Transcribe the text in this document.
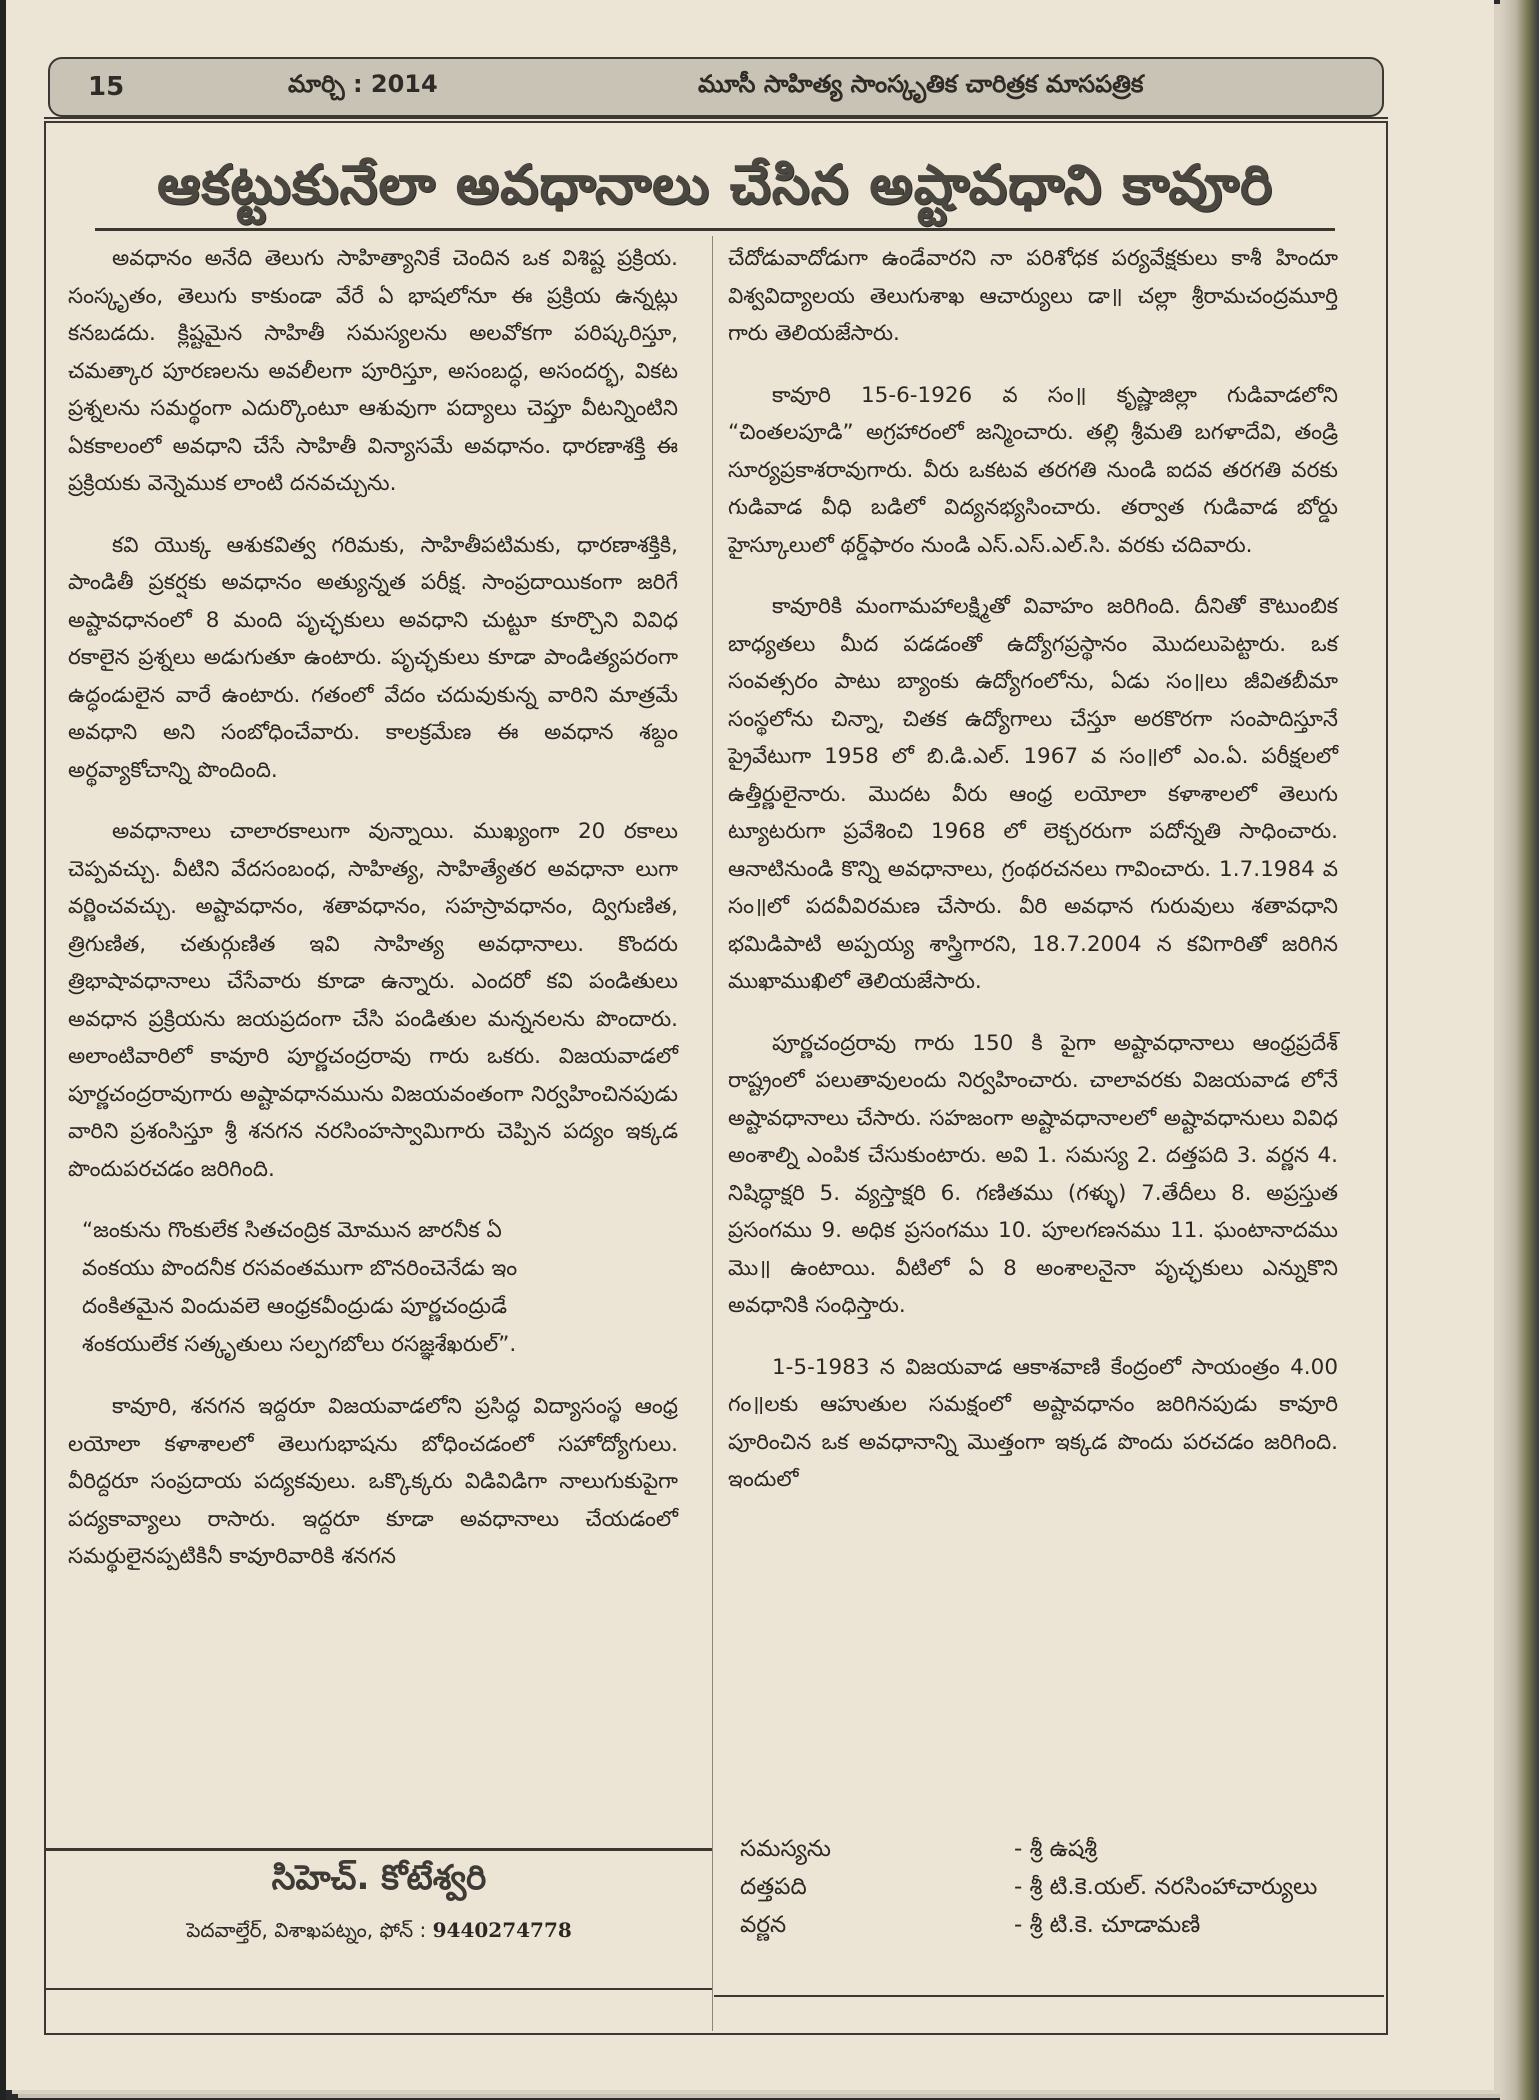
15	మార్చి : 2014	మూసీ సాహిత్య సాంస్కృతిక చారిత్రక మాసపత్రిక
ఆకట్టుకునేలా అవధానాలు చేసిన అష్టావధాని కావూరి

అవధానం అనేది తెలుగు సాహిత్యానికే చెందిన ఒక విశిష్ట ప్రక్రియ. సంస్కృతం, తెలుగు కాకుండా వేరే ఏ భాషలోనూ ఈ ప్రక్రియ ఉన్నట్లు కనబడదు. క్లిష్టమైన సాహితీ సమస్యలను అలవోకగా పరిష్కరిస్తూ, చమత్కార పూరణలను అవలీలగా పూరిస్తూ, అసంబద్ధ, అసందర్భ, వికట ప్రశ్నలను సమర్థంగా ఎదుర్కొంటూ ఆశువుగా పద్యాలు చెప్తూ వీటన్నింటిని ఏకకాలంలో అవధాని చేసే సాహితీ విన్యాసమే అవధానం. ధారణాశక్తి ఈ ప్రక్రియకు వెన్నెముక లాంటి దనవచ్చును.

కవి యొక్క ఆశుకవిత్వ గరిమకు, సాహితీపటిమకు, ధారణాశక్తికి, పాండితీ ప్రకర్షకు అవధానం అత్యున్నత పరీక్ష. సాంప్రదాయికంగా జరిగే అష్టావధానంలో 8 మంది పృచ్ఛకులు అవధాని చుట్టూ కూర్చొని వివిధ రకాలైన ప్రశ్నలు అడుగుతూ ఉంటారు. పృచ్ఛకులు కూడా పాండిత్యపరంగా ఉద్ధండులైన వారే ఉంటారు. గతంలో వేదం చదువుకున్న వారిని మాత్రమే అవధాని అని సంబోధించేవారు. కాలక్రమేణ ఈ అవధాన శబ్దం అర్థవ్యాకోచాన్ని పొందింది.

అవధానాలు చాలారకాలుగా వున్నాయి. ముఖ్యంగా 20 రకాలు చెప్పవచ్చు. వీటిని వేదసంబంధ, సాహిత్య, సాహిత్యేతర అవధానా లుగా వర్ణించవచ్చు. అష్టావధానం, శతావధానం, సహస్రావధానం, ద్విగుణిత, త్రిగుణిత, చతుర్గుణిత ఇవి సాహిత్య అవధానాలు. కొందరు త్రిభాషావధానాలు చేసేవారు కూడా ఉన్నారు. ఎందరో కవి పండితులు అవధాన ప్రక్రియను జయప్రదంగా చేసి పండితుల మన్ననలను పొందారు. అలాంటివారిలో కావూరి పూర్ణచంద్రరావు గారు ఒకరు. విజయవాడలో పూర్ణచంద్రరావుగారు అష్టావధానమును విజయవంతంగా నిర్వహించినపుడు వారిని ప్రశంసిస్తూ శ్రీ శనగన నరసింహస్వామిగారు చెప్పిన పద్యం ఇక్కడ పొందుపరచడం జరిగింది.

“జంకును గొంకులేక సితచంద్రిక మోమున జారనీక ఏ
వంకయు పొందనీక రసవంతముగా బొనరించెనేడు ఇం
దంకితమైన విందువలె ఆంధ్రకవీంద్రుడు పూర్ణచంద్రుడే
శంకయులేక సత్కృతులు సల్పగబోలు రసజ్ఞశేఖరుల్”.

కావూరి, శనగన ఇద్దరూ విజయవాడలోని ప్రసిద్ధ విద్యాసంస్థ ఆంధ్ర లయోలా కళాశాలలో తెలుగుభాషను బోధించడంలో సహోద్యోగులు. వీరిద్దరూ సంప్రదాయ పద్యకవులు. ఒక్కొక్కరు విడివిడిగా నాలుగుకుపైగా పద్యకావ్యాలు రాసారు. ఇద్దరూ కూడా అవధానాలు చేయడంలో సమర్థులైనప్పటికినీ కావూరివారికి శనగన

సిహెచ్. కోటేశ్వరి
పెదవాల్తేర్, విశాఖపట్నం, ఫోన్ : 9440274778

చేదోడువాదోడుగా ఉండేవారని నా పరిశోధక పర్యవేక్షకులు కాశీ హిందూ విశ్వవిద్యాలయ తెలుగుశాఖ ఆచార్యులు డా॥ చల్లా శ్రీరామచంద్రమూర్తి గారు తెలియజేసారు.

కావూరి 15-6-1926 వ సం॥ కృష్ణాజిల్లా గుడివాడలోని “చింతలపూడి” అగ్రహారంలో జన్మించారు. తల్లి శ్రీమతి బగళాదేవి, తండ్రి సూర్యప్రకాశరావుగారు. వీరు ఒకటవ తరగతి నుండి ఐదవ తరగతి వరకు గుడివాడ వీధి బడిలో విద్యనభ్యసించారు. తర్వాత గుడివాడ బోర్డు హైస్కూలులో థర్డ్‌ఫారం నుండి ఎస్.ఎస్.ఎల్.సి. వరకు చదివారు.

కావూరికి మంగామహాలక్ష్మితో వివాహం జరిగింది. దీనితో కౌటుంబిక బాధ్యతలు మీద పడడంతో ఉద్యోగప్రస్థానం మొదలుపెట్టారు. ఒక సంవత్సరం పాటు బ్యాంకు ఉద్యోగంలోను, ఏడు సం॥లు జీవితబీమా సంస్థలోను చిన్నా, చితక ఉద్యోగాలు చేస్తూ అరకొరగా సంపాదిస్తూనే ప్రైవేటుగా 1958 లో బి.డి.ఎల్. 1967 వ సం॥లో ఎం.ఏ. పరీక్షలలో ఉత్తీర్ణులైనారు. మొదట వీరు ఆంధ్ర లయోలా కళాశాలలో తెలుగు ట్యూటరుగా ప్రవేశించి 1968 లో లెక్చరరుగా పదోన్నతి సాధించారు. ఆనాటినుండి కొన్ని అవధానాలు, గ్రంథరచనలు గావించారు. 1.7.1984 వ సం॥లో పదవీవిరమణ చేసారు. వీరి అవధాన గురువులు శతావధాని భమిడిపాటి అప్పయ్య శాస్త్రిగారని, 18.7.2004 న కవిగారితో జరిగిన ముఖాముఖిలో తెలియజేసారు.

పూర్ణచంద్రరావు గారు 150 కి పైగా అష్టావధానాలు ఆంధ్రప్రదేశ్ రాష్ట్రంలో పలుతావులందు నిర్వహించారు. చాలావరకు విజయవాడ లోనే అష్టావధానాలు చేసారు. సహజంగా అష్టావధానాలలో అష్టావధానులు వివిధ అంశాల్ని ఎంపిక చేసుకుంటారు. అవి 1. సమస్య 2. దత్తపది 3. వర్ణన 4. నిషిద్ధాక్షరి 5. వ్యస్తాక్షరి 6. గణితము (గళ్ళు) 7.తేదీలు 8. అప్రస్తుత ప్రసంగము 9. అధిక ప్రసంగము 10. పూలగణనము 11. ఘంటానాదము మొ॥ ఉంటాయి. వీటిలో ఏ 8 అంశాలనైనా పృచ్ఛకులు ఎన్నుకొని అవధానికి సంధిస్తారు.

1-5-1983 న విజయవాడ ఆకాశవాణి కేంద్రంలో సాయంత్రం 4.00 గం॥లకు ఆహుతుల సమక్షంలో అష్టావధానం జరిగినపుడు కావూరి పూరించిన ఒక అవధానాన్ని మొత్తంగా ఇక్కడ పొందు పరచడం జరిగింది. ఇందులో

సమస్యను	- శ్రీ ఉషశ్రీ
దత్తపది	- శ్రీ టి.కె.యల్. నరసింహాచార్యులు
వర్ణన	- శ్రీ టి.కె. చూడామణి
